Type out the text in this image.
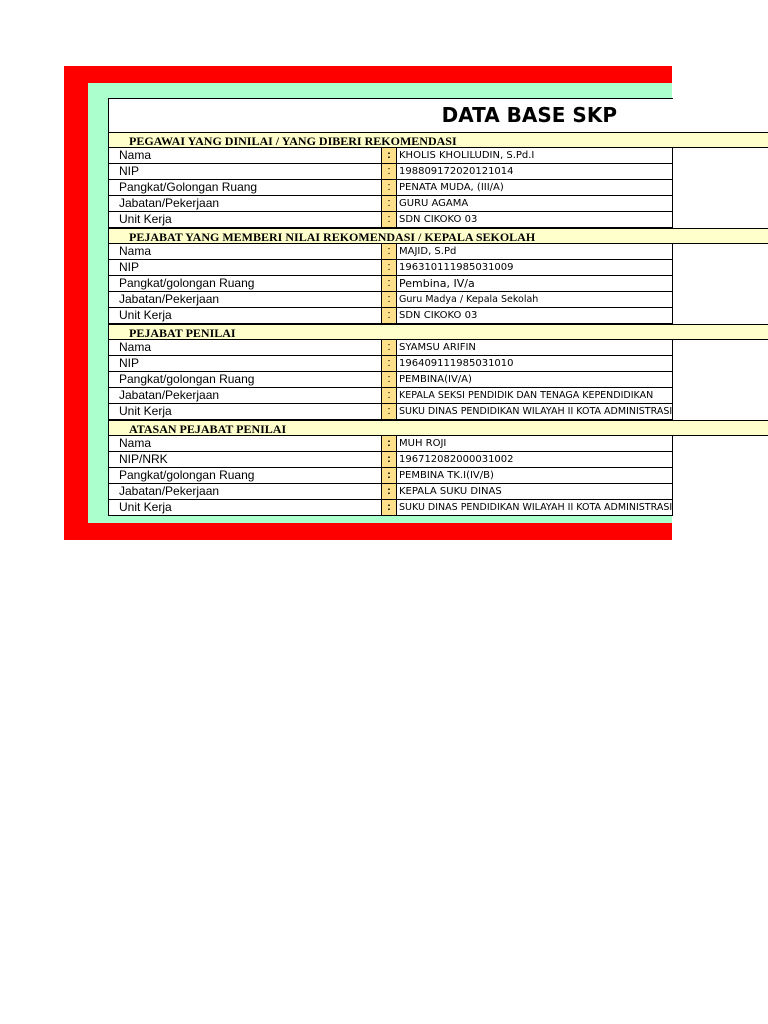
DATA BASE SKP
PEGAWAI YANG DINILAI / YANG DIBERI REKOMENDASI
Nama	: KHOLIS KHOLILUDIN, S.Pd.I
NIP	: 198809172020121014
Pangkat/Golongan Ruang	: PENATA MUDA, (III/A)
Jabatan/Pekerjaan	: GURU AGAMA
Unit Kerja	: SDN CIKOKO 03
PEJABAT YANG MEMBERI NILAI REKOMENDASI / KEPALA SEKOLAH
Nama	: MAJID, S.Pd
NIP	: 196310111985031009
Pangkat/golongan Ruang	: Pembina, IV/a
Jabatan/Pekerjaan	: Guru Madya / Kepala Sekolah
Unit Kerja	: SDN CIKOKO 03
PEJABAT PENILAI
Nama	: SYAMSU ARIFIN
NIP	: 196409111985031010
Pangkat/golongan Ruang	: PEMBINA(IV/A)
Jabatan/Pekerjaan	: KEPALA SEKSI PENDIDIK DAN TENAGA KEPENDIDIKAN
Unit Kerja	: SUKU DINAS PENDIDIKAN WILAYAH II KOTA ADMINISTRASI
ATASAN PEJABAT PENILAI
Nama	: MUH ROJI
NIP/NRK	: 196712082000031002
Pangkat/golongan Ruang	: PEMBINA TK.I(IV/B)
Jabatan/Pekerjaan	: KEPALA SUKU DINAS
Unit Kerja	: SUKU DINAS PENDIDIKAN WILAYAH II KOTA ADMINISTRASI
